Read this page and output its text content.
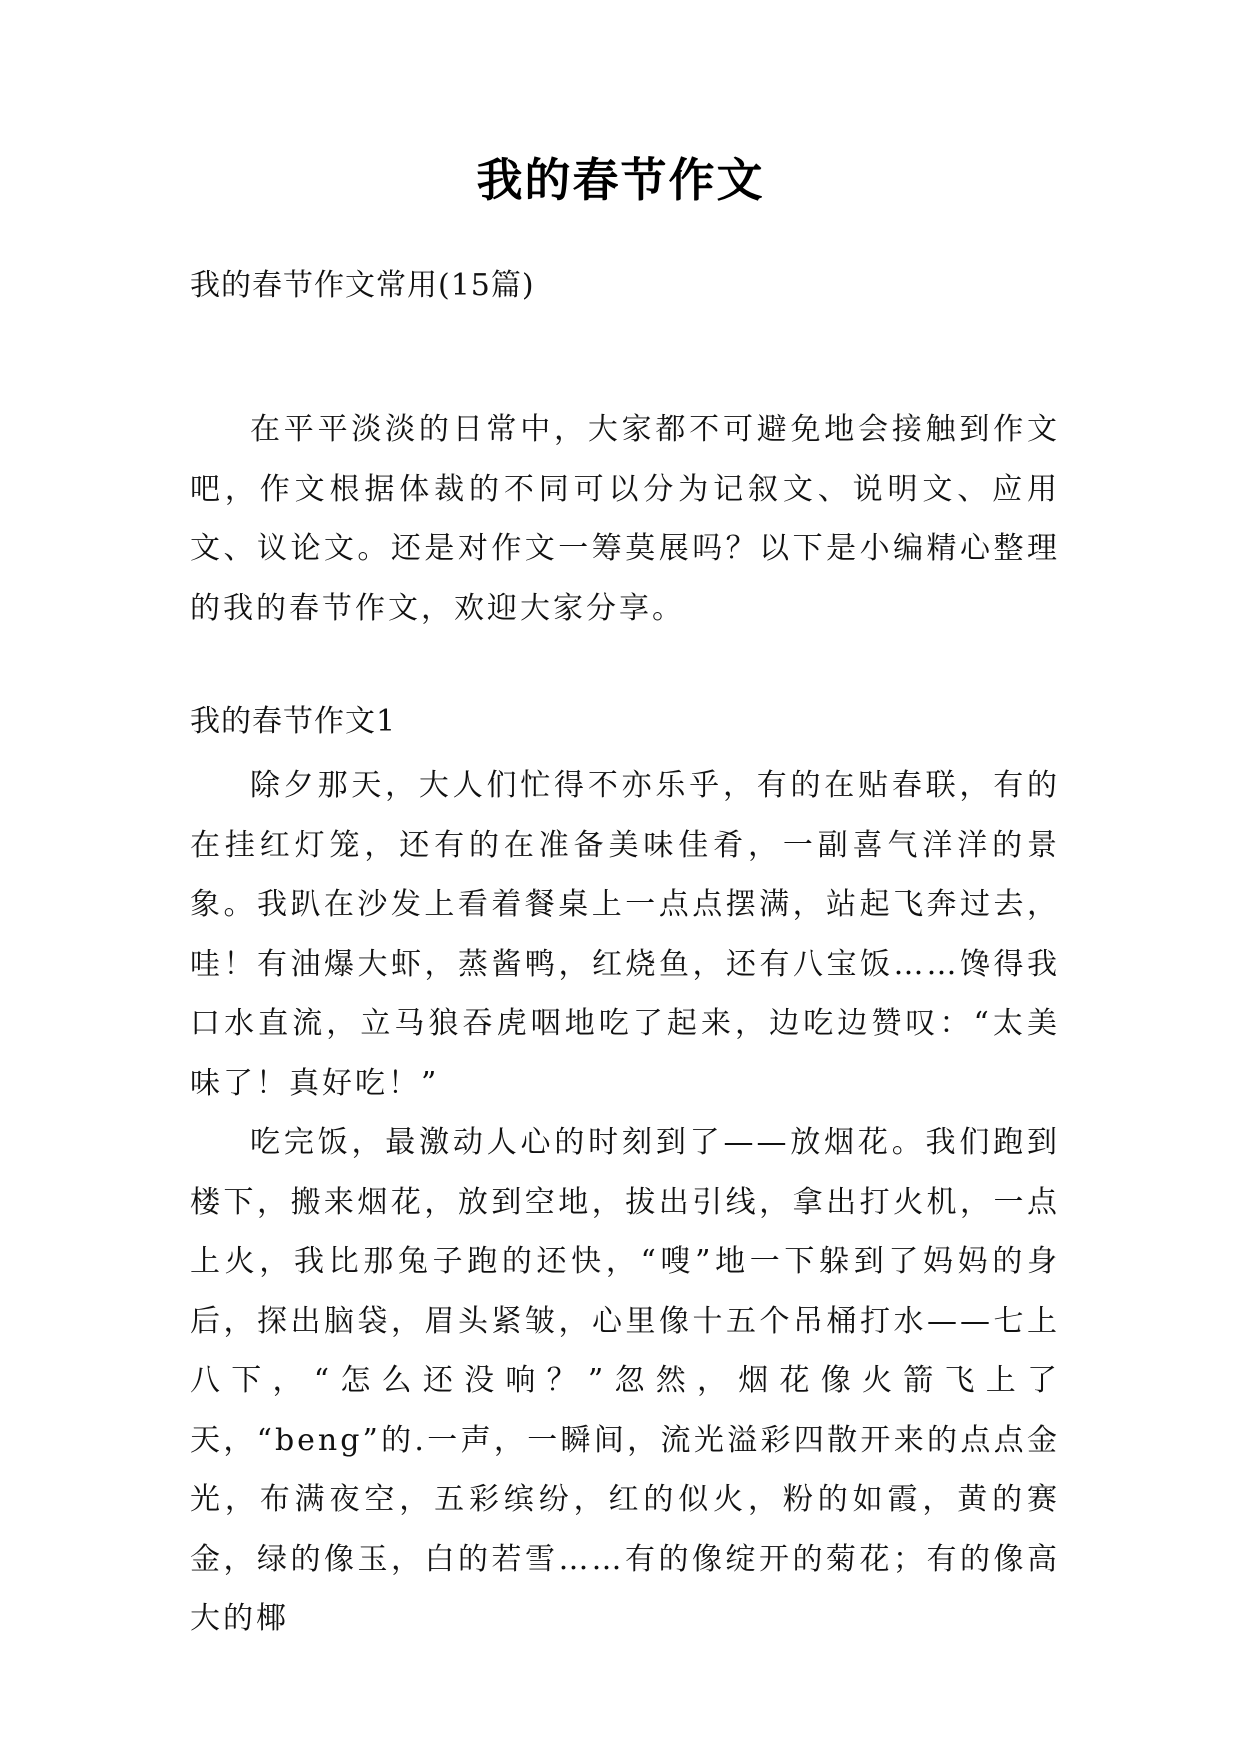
我的春节作文
我的春节作文常用(15篇)

在平平淡淡的日常中，大家都不可避免地会接触到作文吧，作文根据体裁的不同可以分为记叙文、说明文、应用文、议论文。还是对作文一筹莫展吗？以下是小编精心整理的我的春节作文，欢迎大家分享。

我的春节作文1

除夕那天，大人们忙得不亦乐乎，有的在贴春联，有的在挂红灯笼，还有的在准备美味佳肴，一副喜气洋洋的景象。我趴在沙发上看着餐桌上一点点摆满，站起飞奔过去，哇！有油爆大虾，蒸酱鸭，红烧鱼，还有八宝饭……馋得我口水直流，立马狼吞虎咽地吃了起来，边吃边赞叹：“太美味了！真好吃！”

吃完饭，最激动人心的时刻到了——放烟花。我们跑到楼下，搬来烟花，放到空地，拔出引线，拿出打火机，一点上火，我比那兔子跑的还快，“嗖”地一下躲到了妈妈的身后，探出脑袋，眉头紧皱，心里像十五个吊桶打水——七上八下，“怎么还没响？”忽然，烟花像火箭飞上了天，“beng”的.一声，一瞬间，流光溢彩四散开来的点点金光，布满夜空，五彩缤纷，红的似火，粉的如霞，黄的赛金，绿的像玉，白的若雪……有的像绽开的菊花；有的像高大的椰
